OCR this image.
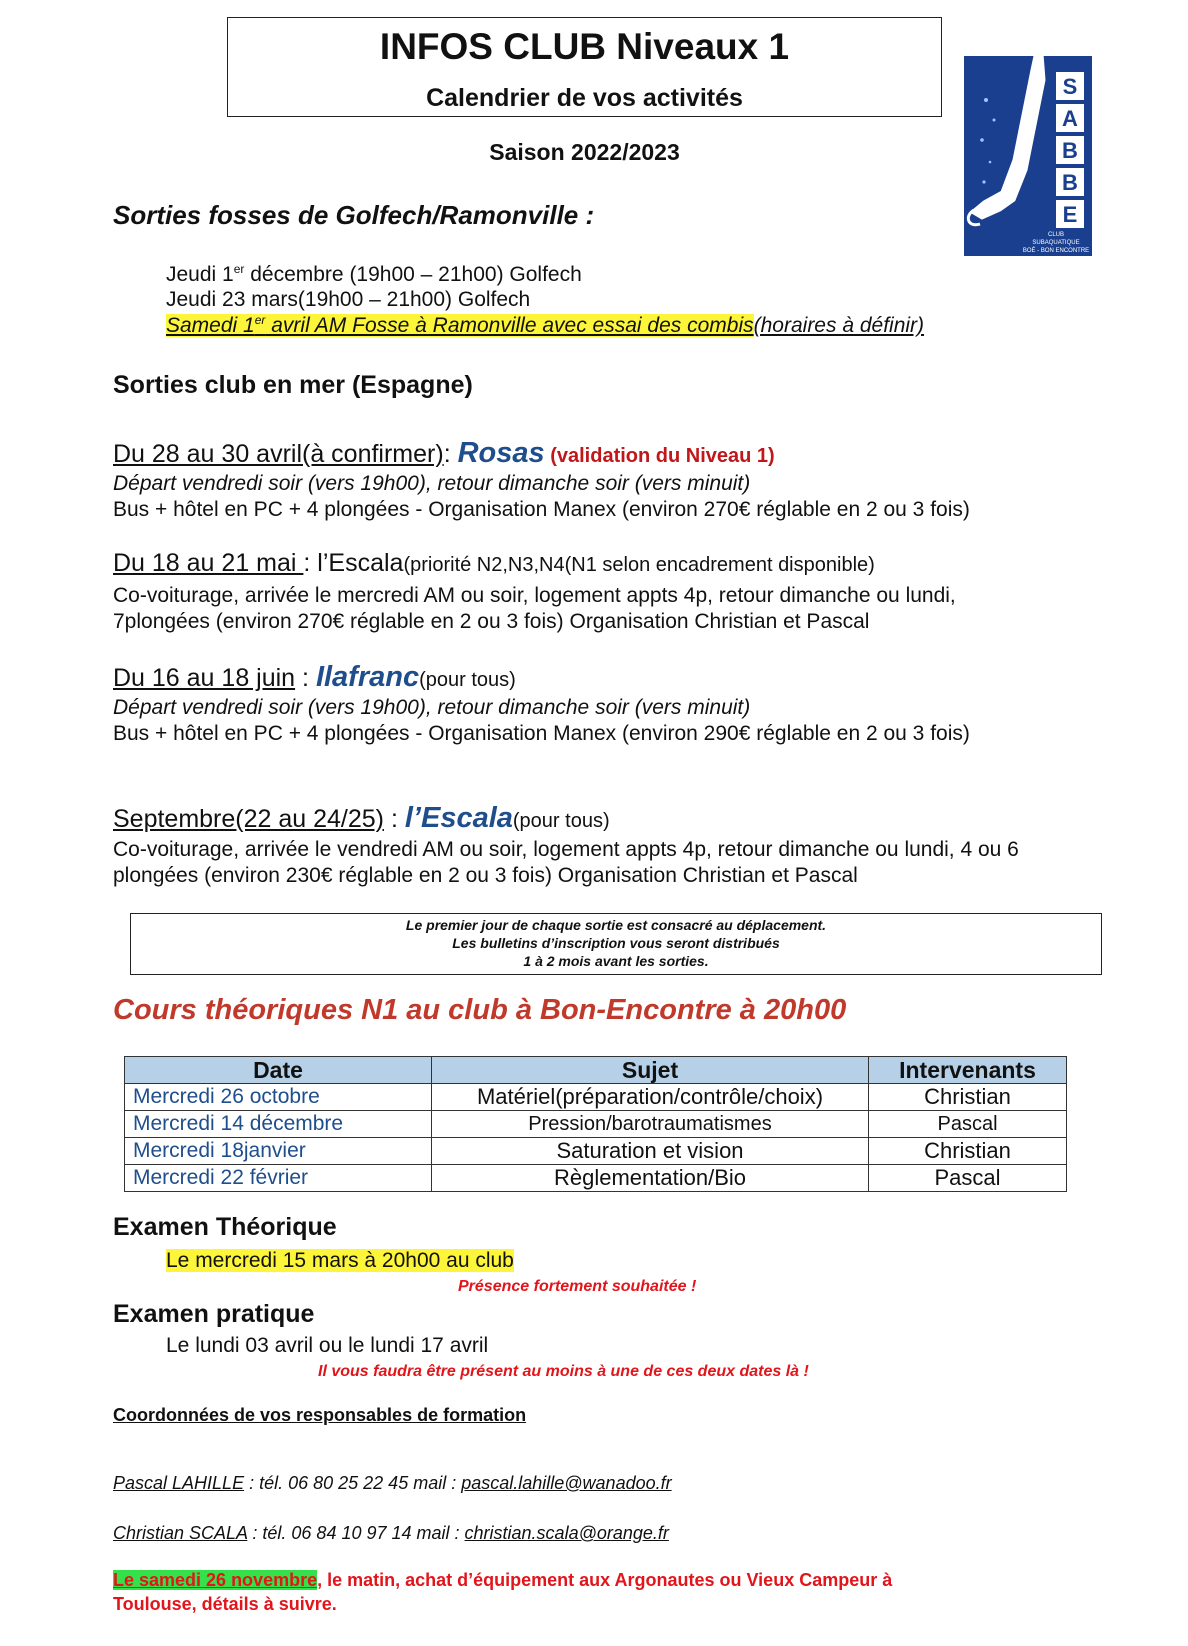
INFOS CLUB Niveaux 1
Calendrier de vos activités
Saison 2022/2023
S
A
B
B
E
CLUB
SUBAQUATIQUE
BOÉ - BON ENCONTRE
Sorties fosses de Golfech/Ramonville :
Jeudi 1er décembre (19h00 – 21h00) Golfech
Jeudi 23 mars(19h00 – 21h00) Golfech
Samedi 1er avril AM Fosse à Ramonville avec essai des combis(horaires à définir)
Sorties club en mer (Espagne)
Du 28 au 30 avril(à confirmer): Rosas (validation du Niveau 1)
Départ vendredi soir (vers 19h00), retour dimanche soir (vers minuit)
Bus + hôtel en PC + 4 plongées - Organisation Manex (environ 270€ réglable en 2 ou 3 fois)
Du 18 au 21 mai : l’Escala(priorité N2,N3,N4(N1 selon encadrement disponible)
Co-voiturage, arrivée le mercredi AM ou soir, logement appts 4p, retour dimanche ou lundi,
7plongées (environ 270€ réglable en 2 ou 3 fois) Organisation Christian et Pascal
Du 16 au 18 juin : Ilafranc(pour tous)
Départ vendredi soir (vers 19h00), retour dimanche soir (vers minuit)
Bus + hôtel en PC + 4 plongées - Organisation Manex (environ 290€ réglable en 2 ou 3 fois)
Septembre(22 au 24/25) : l’Escala(pour tous)
Co-voiturage, arrivée le vendredi AM ou soir, logement appts 4p, retour dimanche ou lundi, 4 ou 6
plongées (environ 230€ réglable en 2 ou 3 fois) Organisation Christian et Pascal
Le premier jour de chaque sortie est consacré au déplacement.
Les bulletins d’inscription vous seront distribués
1 à 2 mois avant les sorties.
Cours théoriques N1 au club à Bon-Encontre à 20h00
Date	Sujet	Intervenants
Mercredi 26 octobre	Matériel(préparation/contrôle/choix)	Christian
Mercredi 14 décembre	Pression/barotraumatismes	Pascal
Mercredi 18janvier	Saturation et vision	Christian
Mercredi 22 février	Règlementation/Bio	Pascal
Examen Théorique
Le mercredi 15 mars à 20h00 au club
Présence fortement souhaitée !
Examen pratique
Le lundi 03 avril ou le lundi 17 avril
Il vous faudra être présent au moins à une de ces deux dates là !
Coordonnées de vos responsables de formation
Pascal LAHILLE : tél. 06 80 25 22 45 mail : pascal.lahille@wanadoo.fr
Christian SCALA : tél. 06 84 10 97 14 mail : christian.scala@orange.fr
Le samedi 26 novembre, le matin, achat d’équipement aux Argonautes ou Vieux Campeur à
Toulouse, détails à suivre.
